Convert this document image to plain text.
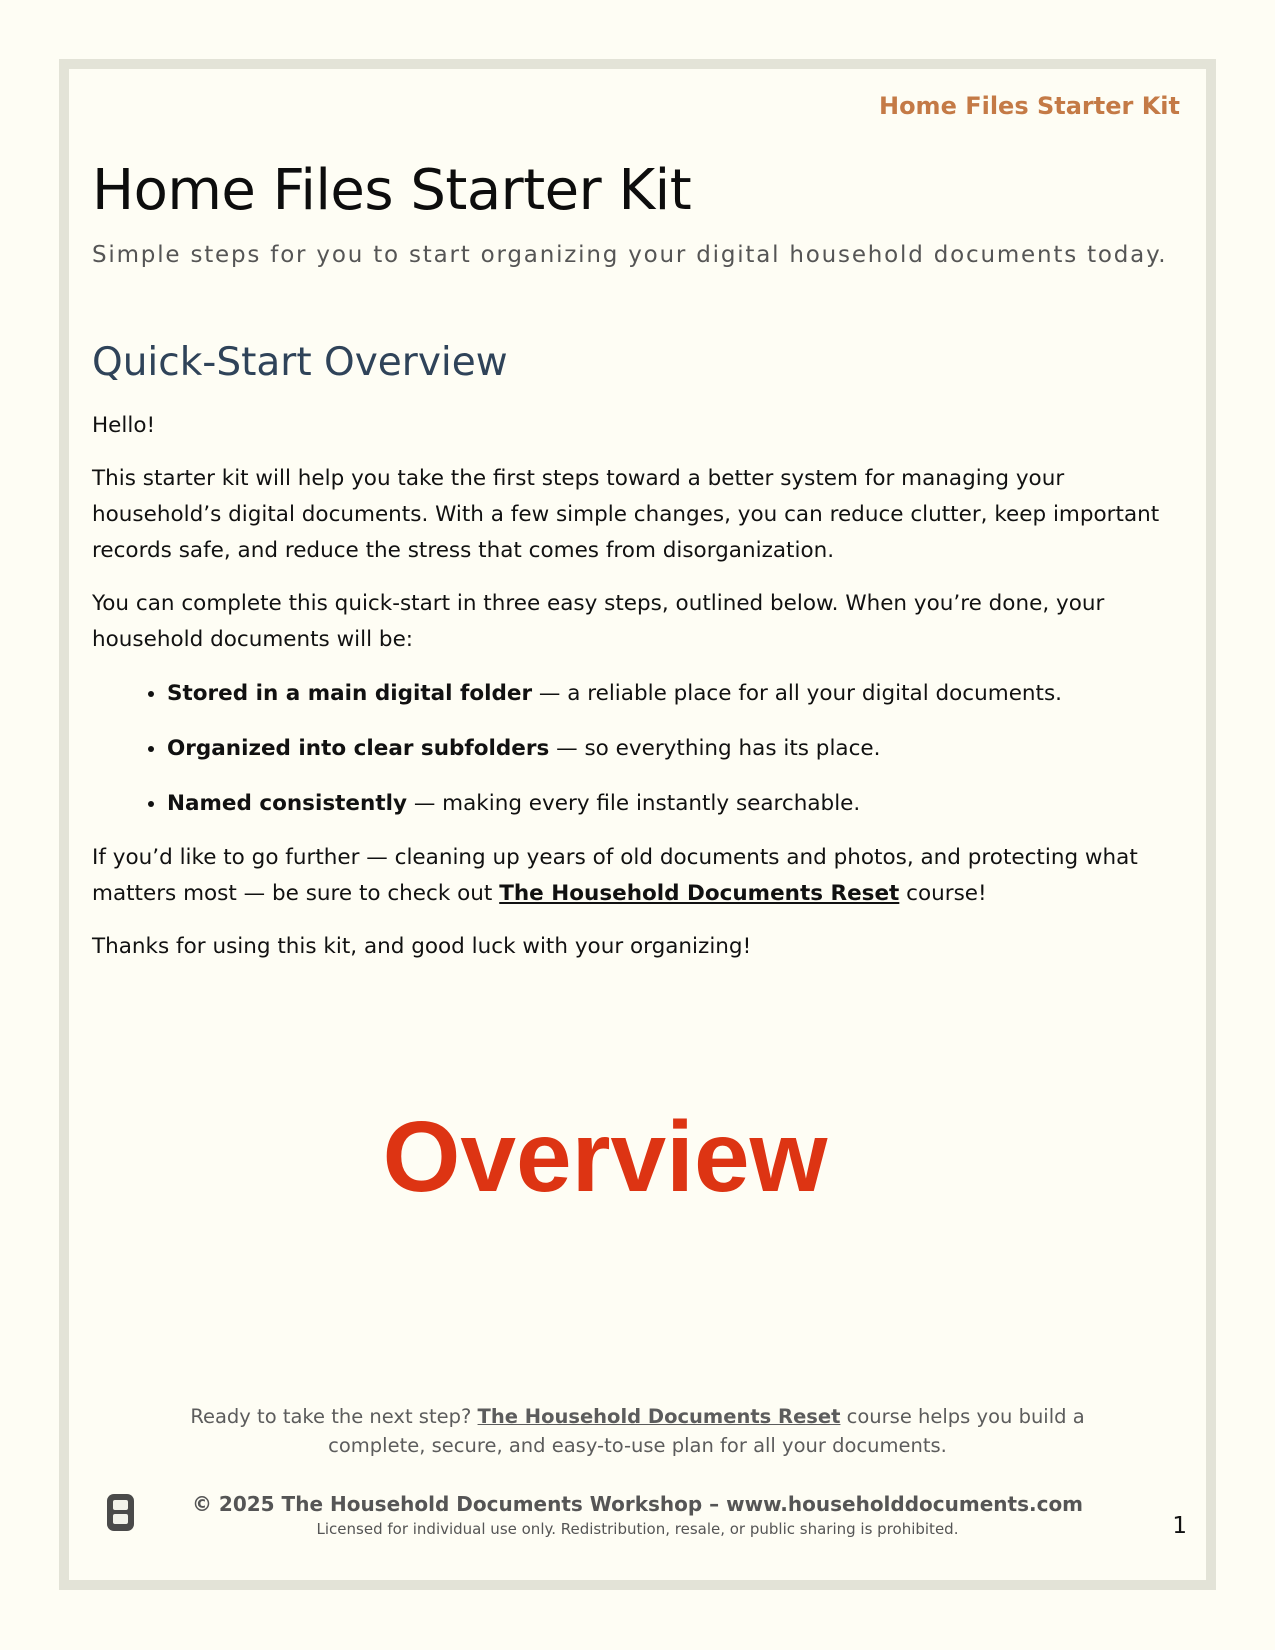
Home Files Starter Kit
Home Files Starter Kit
Simple steps for you to start organizing your digital household documents today.
Quick-Start Overview

Hello!

This starter kit will help you take the first steps toward a better system for managing your household’s digital documents. With a few simple changes, you can reduce clutter, keep important records safe, and reduce the stress that comes from disorganization.

You can complete this quick-start in three easy steps, outlined below. When you’re done, your household documents will be:

• Stored in a main digital folder — a reliable place for all your digital documents.
• Organized into clear subfolders — so everything has its place.
• Named consistently — making every file instantly searchable.

If you’d like to go further — cleaning up years of old documents and photos, and protecting what matters most — be sure to check out The Household Documents Reset course!

Thanks for using this kit, and good luck with your organizing!

Overview
Ready to take the next step? The Household Documents Reset course helps you build a complete, secure, and easy-to-use plan for all your documents.
© 2025 The Household Documents Workshop – www.householddocuments.com
Licensed for individual use only. Redistribution, resale, or public sharing is prohibited.	1
